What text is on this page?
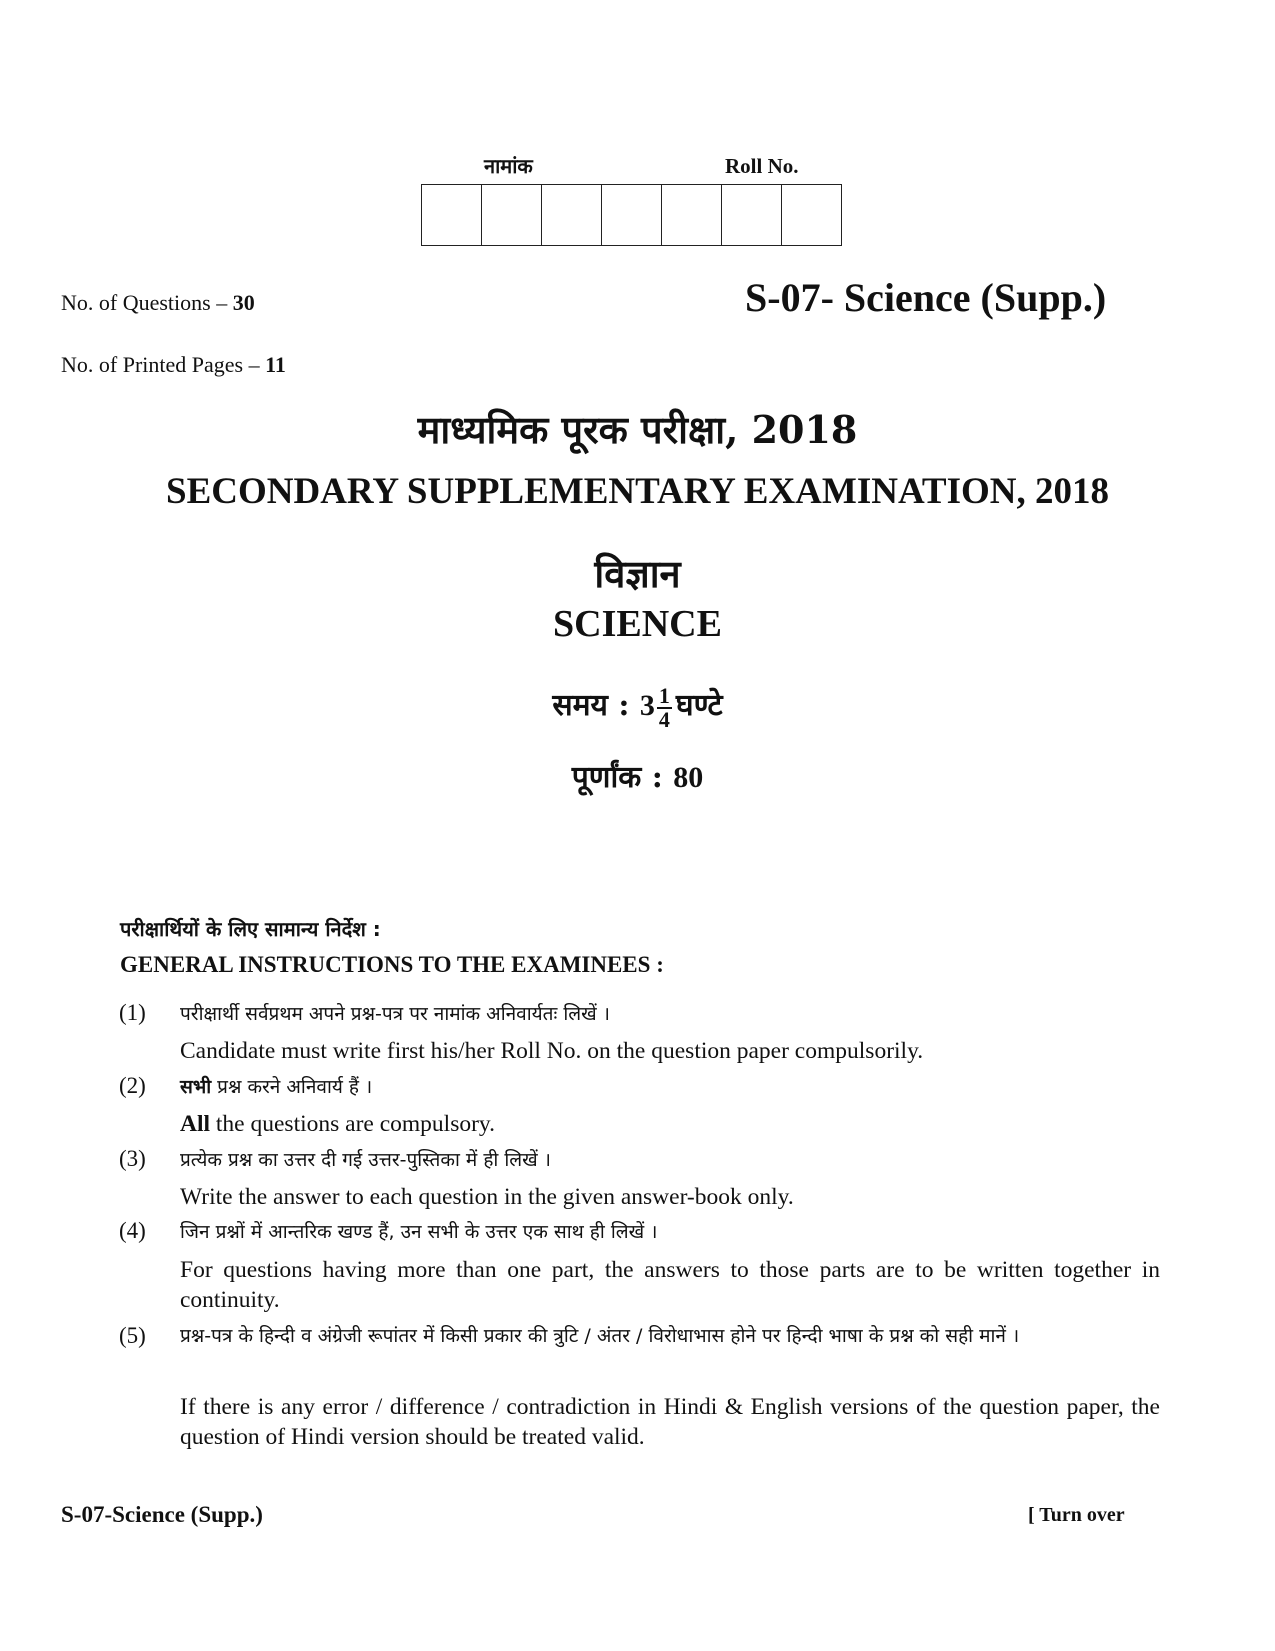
नामांक	Roll No.
No. of Questions – 30
No. of Printed Pages – 11
S-07- Science (Supp.)
माध्यमिक पूरक परीक्षा, 2018
SECONDARY SUPPLEMENTARY EXAMINATION, 2018
विज्ञान
SCIENCE
समय : $3 \frac{1}{4}$ घण्टे
पूर्णांक : 80
परीक्षार्थियों के लिए सामान्य निर्देश :
GENERAL INSTRUCTIONS TO THE EXAMINEES :
(1) परीक्षार्थी सर्वप्रथम अपने प्रश्न-पत्र पर नामांक अनिवार्यतः लिखें ।
Candidate must write first his/her Roll No. on the question paper compulsorily.
(2) सभी प्रश्न करने अनिवार्य हैं ।
All the questions are compulsory.
(3) प्रत्येक प्रश्न का उत्तर दी गई उत्तर-पुस्तिका में ही लिखें ।
Write the answer to each question in the given answer-book only.
(4) जिन प्रश्नों में आन्तरिक खण्ड हैं, उन सभी के उत्तर एक साथ ही लिखें ।
For questions having more than one part, the answers to those parts are to be written together in continuity.
(5) प्रश्न-पत्र के हिन्दी व अंग्रेजी रूपांतर में किसी प्रकार की त्रुटि / अंतर / विरोधाभास होने पर हिन्दी भाषा के प्रश्न को सही मानें ।
If there is any error / difference / contradiction in Hindi & English versions of the question paper, the question of Hindi version should be treated valid.
S-07-Science (Supp.)	[ Turn over
